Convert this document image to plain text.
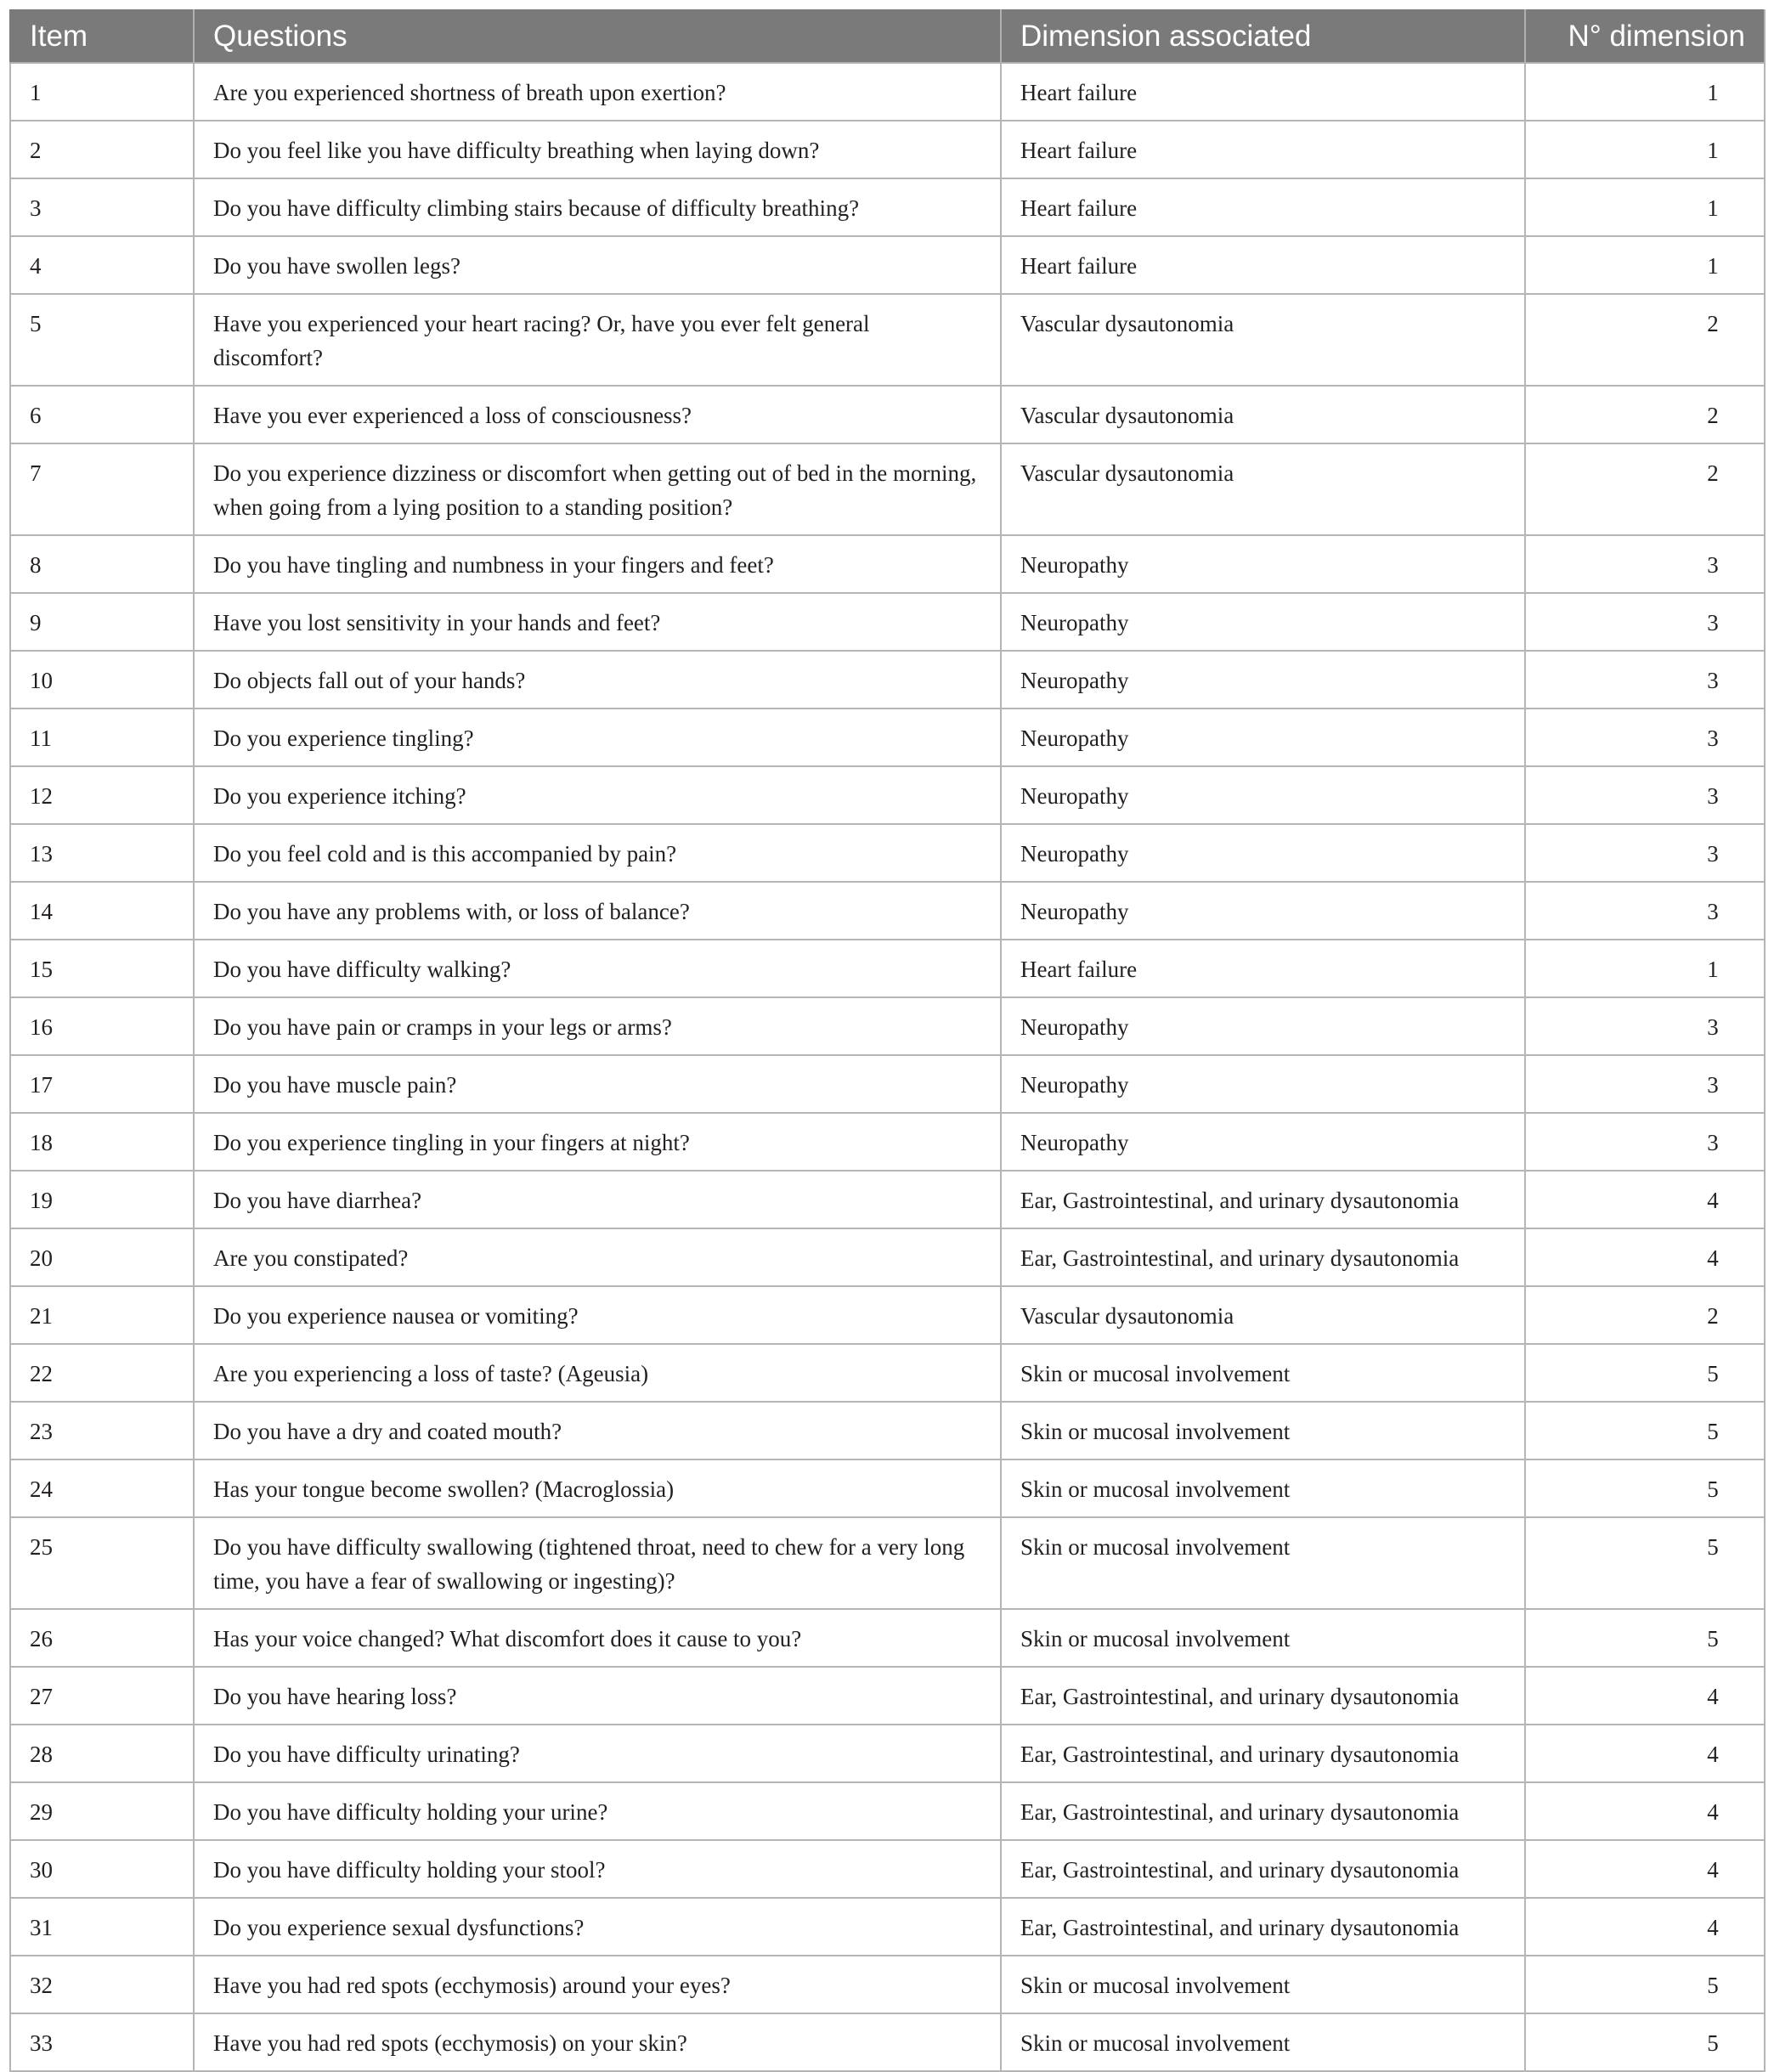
Item	Questions	Dimension associated	N° dimension
1	Are you experienced shortness of breath upon exertion?	Heart failure	1
2	Do you feel like you have difficulty breathing when laying down?	Heart failure	1
3	Do you have difficulty climbing stairs because of difficulty breathing?	Heart failure	1
4	Do you have swollen legs?	Heart failure	1
5	Have you experienced your heart racing? Or, have you ever felt general discomfort?	Vascular dysautonomia	2
6	Have you ever experienced a loss of consciousness?	Vascular dysautonomia	2
7	Do you experience dizziness or discomfort when getting out of bed in the morning, when going from a lying position to a standing position?	Vascular dysautonomia	2
8	Do you have tingling and numbness in your fingers and feet?	Neuropathy	3
9	Have you lost sensitivity in your hands and feet?	Neuropathy	3
10	Do objects fall out of your hands?	Neuropathy	3
11	Do you experience tingling?	Neuropathy	3
12	Do you experience itching?	Neuropathy	3
13	Do you feel cold and is this accompanied by pain?	Neuropathy	3
14	Do you have any problems with, or loss of balance?	Neuropathy	3
15	Do you have difficulty walking?	Heart failure	1
16	Do you have pain or cramps in your legs or arms?	Neuropathy	3
17	Do you have muscle pain?	Neuropathy	3
18	Do you experience tingling in your fingers at night?	Neuropathy	3
19	Do you have diarrhea?	Ear, Gastrointestinal, and urinary dysautonomia	4
20	Are you constipated?	Ear, Gastrointestinal, and urinary dysautonomia	4
21	Do you experience nausea or vomiting?	Vascular dysautonomia	2
22	Are you experiencing a loss of taste? (Ageusia)	Skin or mucosal involvement	5
23	Do you have a dry and coated mouth?	Skin or mucosal involvement	5
24	Has your tongue become swollen? (Macroglossia)	Skin or mucosal involvement	5
25	Do you have difficulty swallowing (tightened throat, need to chew for a very long time, you have a fear of swallowing or ingesting)?	Skin or mucosal involvement	5
26	Has your voice changed? What discomfort does it cause to you?	Skin or mucosal involvement	5
27	Do you have hearing loss?	Ear, Gastrointestinal, and urinary dysautonomia	4
28	Do you have difficulty urinating?	Ear, Gastrointestinal, and urinary dysautonomia	4
29	Do you have difficulty holding your urine?	Ear, Gastrointestinal, and urinary dysautonomia	4
30	Do you have difficulty holding your stool?	Ear, Gastrointestinal, and urinary dysautonomia	4
31	Do you experience sexual dysfunctions?	Ear, Gastrointestinal, and urinary dysautonomia	4
32	Have you had red spots (ecchymosis) around your eyes?	Skin or mucosal involvement	5
33	Have you had red spots (ecchymosis) on your skin?	Skin or mucosal involvement	5
